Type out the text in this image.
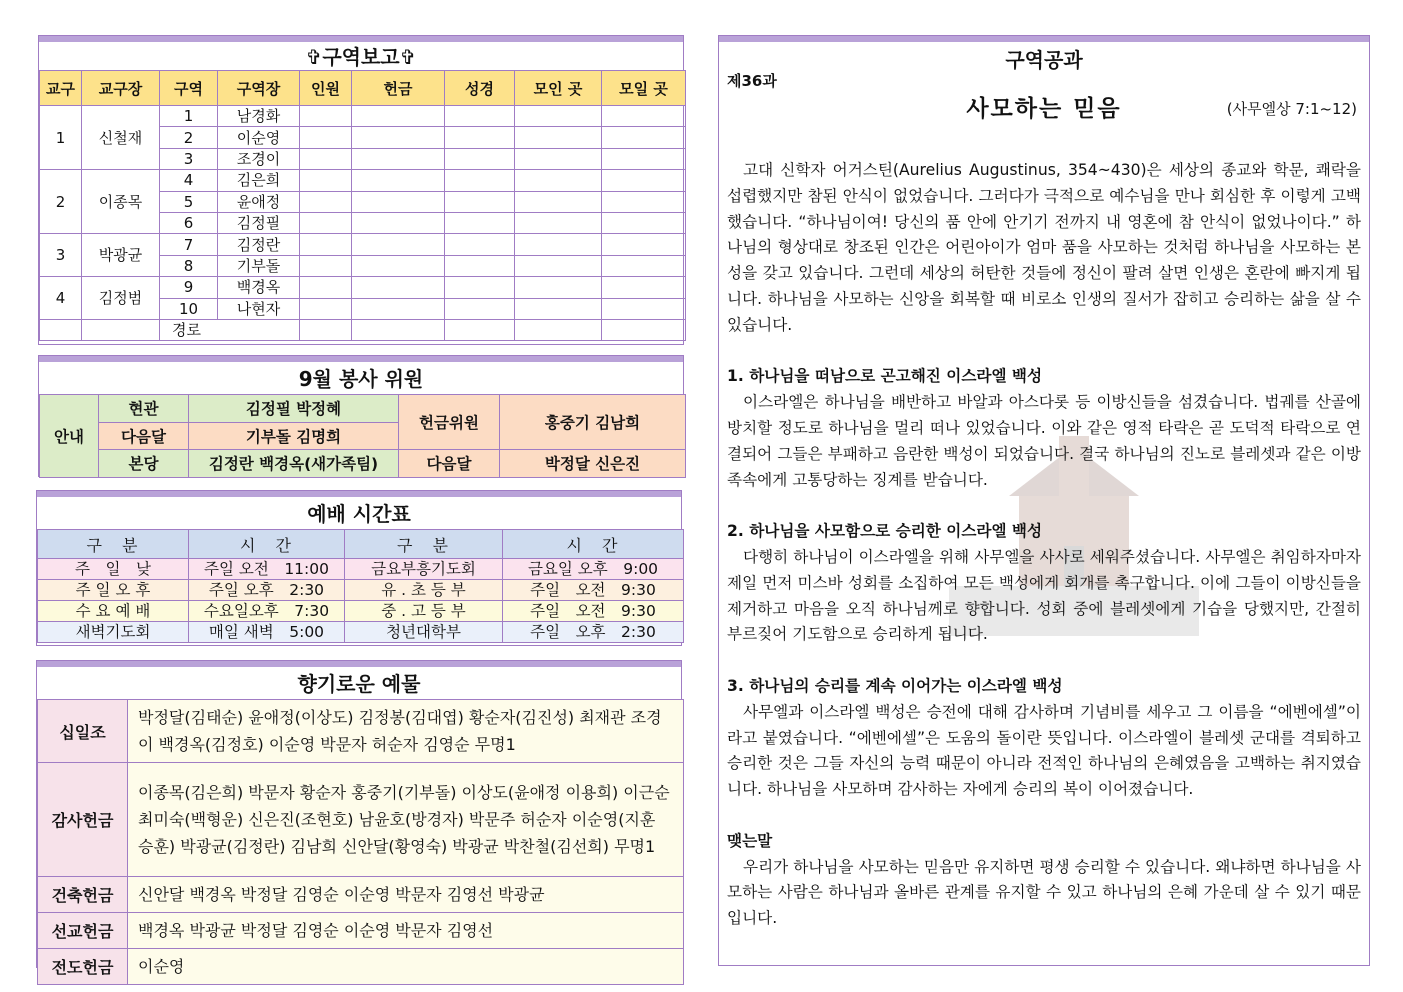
✞구역보고✞
교구	교구장	구역	구역장	인원	헌금	성경	모인 곳	모일 곳
1	신철재	1	남경화					
		2	이순영					
		3	조경이					
2	이종목	4	김은희					
		5	윤애정					
		6	김정필					
3	박광균	7	김정란					
		8	기부돌					
4	김정범	9	백경옥					
		10	나현자					
		경로						
9월 봉사 위원
안내	현관	김정필 박정혜	헌금위원	홍중기 김남희
	다음달	기부돌 김명희		
	본당	김정란 백경옥(새가족팀)	다음달	박정달 신은진
예배 시간표
구　분	시　간	구　분	시　간
주　일　낮	주일 오전　11:00	금요부흥기도회	금요일 오후　9:00
주 일 오 후	주일 오후　2:30	유 . 초 등 부	주일　오전　9:30
수 요 예 배	수요일오후　7:30	중 . 고 등 부	주일　오전　9:30
새벽기도회	매일 새벽　5:00	청년대학부	주일　오후　2:30
향기로운 예물
십일조	박정달(김태순) 윤애정(이상도) 김정봉(김대엽) 황순자(김진성) 최재관 조경이 백경옥(김정호) 이순영 박문자 허순자 김영순 무명1
감사헌금	이종목(김은희) 박문자 황순자 홍중기(기부돌) 이상도(윤애정 이용희) 이근순 최미숙(백형운) 신은진(조현호) 남윤호(방경자) 박문주 허순자 이순영(지훈 승훈) 박광균(김정란) 김남희 신안달(황영숙) 박광균 박찬철(김선희) 무명1
건축헌금	신안달 백경옥 박정달 김영순 이순영 박문자 김영선 박광균
선교헌금	백경옥 박광균 박정달 김영순 이순영 박문자 김영선
전도헌금	이순영
구역공과
제36과
사모하는 믿음	(사무엘상 7:1~12)

고대 신학자 어거스틴(Aurelius Augustinus, 354~430)은 세상의 종교와 학문, 쾌락을 섭렵했지만 참된 안식이 없었습니다. 그러다가 극적으로 예수님을 만나 회심한 후 이렇게 고백했습니다. “하나님이여! 당신의 품 안에 안기기 전까지 내 영혼에 참 안식이 없었나이다.” 하나님의 형상대로 창조된 인간은 어린아이가 엄마 품을 사모하는 것처럼 하나님을 사모하는 본성을 갖고 있습니다. 그런데 세상의 허탄한 것들에 정신이 팔려 살면 인생은 혼란에 빠지게 됩니다. 하나님을 사모하는 신앙을 회복할 때 비로소 인생의 질서가 잡히고 승리하는 삶을 살 수 있습니다.

1. 하나님을 떠남으로 곤고해진 이스라엘 백성

이스라엘은 하나님을 배반하고 바알과 아스다롯 등 이방신들을 섬겼습니다. 법궤를 산골에 방치할 정도로 하나님을 멀리 떠나 있었습니다. 이와 같은 영적 타락은 곧 도덕적 타락으로 연결되어 그들은 부패하고 음란한 백성이 되었습니다. 결국 하나님의 진노로 블레셋과 같은 이방 족속에게 고통당하는 징계를 받습니다.

2. 하나님을 사모함으로 승리한 이스라엘 백성

다행히 하나님이 이스라엘을 위해 사무엘을 사사로 세워주셨습니다. 사무엘은 취임하자마자 제일 먼저 미스바 성회를 소집하여 모든 백성에게 회개를 촉구합니다. 이에 그들이 이방신들을 제거하고 마음을 오직 하나님께로 향합니다. 성회 중에 블레셋에게 기습을 당했지만, 간절히 부르짖어 기도함으로 승리하게 됩니다.

3. 하나님의 승리를 계속 이어가는 이스라엘 백성

사무엘과 이스라엘 백성은 승전에 대해 감사하며 기념비를 세우고 그 이름을 “에벤에셀”이라고 붙였습니다. “에벤에셀”은 도움의 돌이란 뜻입니다. 이스라엘이 블레셋 군대를 격퇴하고 승리한 것은 그들 자신의 능력 때문이 아니라 전적인 하나님의 은혜였음을 고백하는 취지였습니다. 하나님을 사모하며 감사하는 자에게 승리의 복이 이어졌습니다.

맺는말

우리가 하나님을 사모하는 믿음만 유지하면 평생 승리할 수 있습니다. 왜냐하면 하나님을 사모하는 사람은 하나님과 올바른 관계를 유지할 수 있고 하나님의 은혜 가운데 살 수 있기 때문입니다.
